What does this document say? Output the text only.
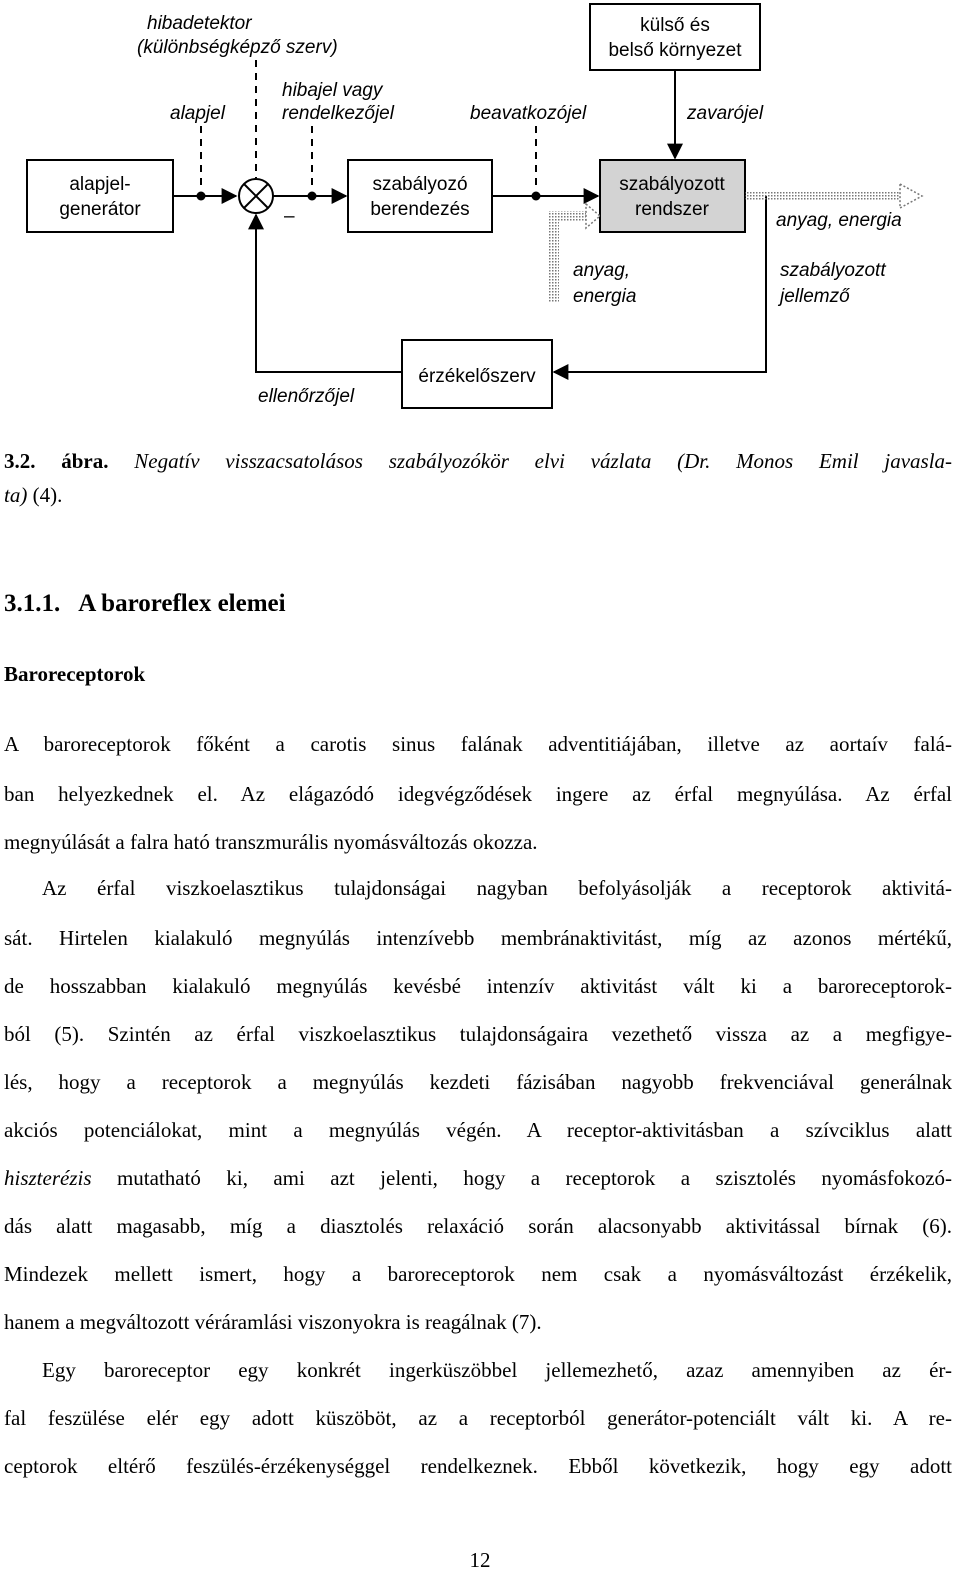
külső és
belső környezet
alapjel-
generátor
szabályozó
berendezés
szabályozott
rendszer
érzékelőszerv
–
hibadetektor
(különbségképző szerv)
alapjel
hibajel vagy
rendelkezőjel	beavatkozójel	zavarójel
anyag, energia
anyag,
energia
szabályozott
jellemző
ellenőrzőjel
3.2. ábra. Negatív visszacsatolásos szabályozókör elvi vázlata (Dr. Monos Emil javasla-
ta) (4).
3.1.1. A baroreflex elemei
Baroreceptorok
A baroreceptorok főként a carotis sinus falának adventitiájában, illetve az aortaív falá-
ban helyezkednek el. Az elágazódó idegvégződések ingere az érfal megnyúlása. Az érfal
megnyúlását a falra ható transzmurális nyomásváltozás okozza.
Az érfal viszkoelasztikus tulajdonságai nagyban befolyásolják a receptorok aktivitá-
sát. Hirtelen kialakuló megnyúlás intenzívebb membránaktivitást, míg az azonos mértékű,
de hosszabban kialakuló megnyúlás kevésbé intenzív aktivitást vált ki a baroreceptorok-
ból (5). Szintén az érfal viszkoelasztikus tulajdonságaira vezethető vissza az a megfigye-
lés, hogy a receptorok a megnyúlás kezdeti fázisában nagyobb frekvenciával generálnak
akciós potenciálokat, mint a megnyúlás végén. A receptor-aktivitásban a szívciklus alatt
hiszterézis mutatható ki, ami azt jelenti, hogy a receptorok a szisztolés nyomásfokozó-
dás alatt magasabb, míg a diasztolés relaxáció során alacsonyabb aktivitással bírnak (6).
Mindezek mellett ismert, hogy a baroreceptorok nem csak a nyomásváltozást érzékelik,
hanem a megváltozott véráramlási viszonyokra is reagálnak (7).
Egy baroreceptor egy konkrét ingerküszöbbel jellemezhető, azaz amennyiben az ér-
fal feszülése elér egy adott küszöböt, az a receptorból generátor-potenciált vált ki. A re-
ceptorok eltérő feszülés-érzékenységgel rendelkeznek. Ebből következik, hogy egy adott
12
